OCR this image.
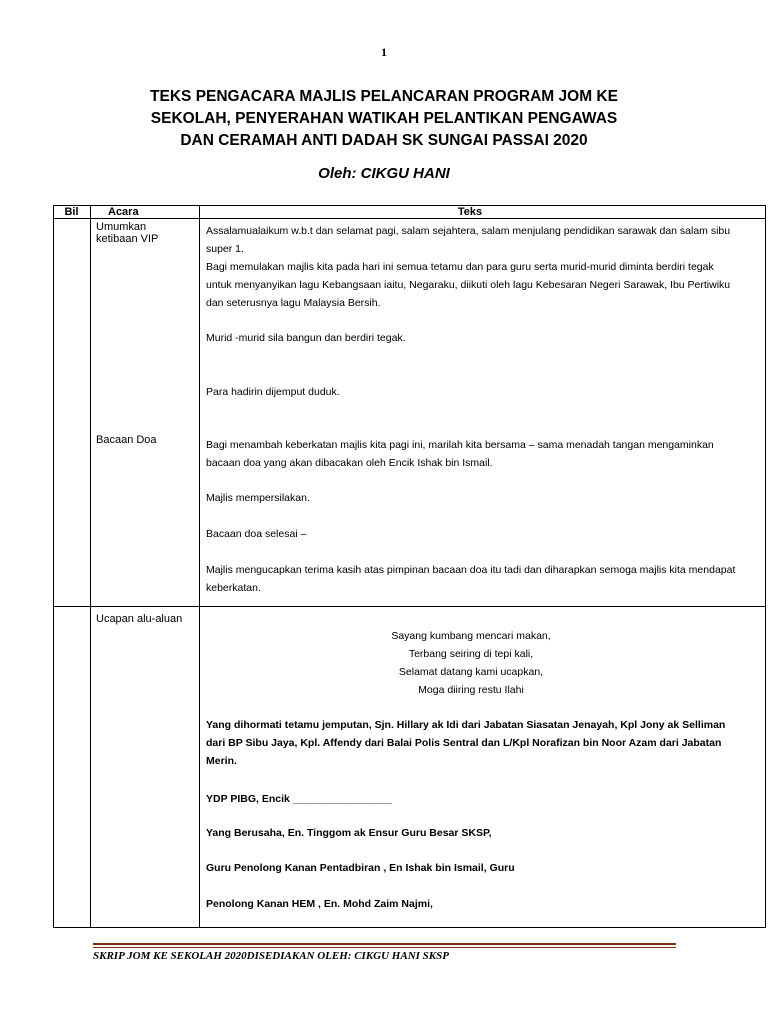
1
TEKS PENGACARA MAJLIS PELANCARAN PROGRAM JOM KE
SEKOLAH, PENYERAHAN WATIKAH PELANTIKAN PENGAWAS
DAN CERAMAH ANTI DADAH SK SUNGAI PASSAI 2020
Oleh: CIKGU HANI
Bil	Acara	Teks
Umumkan ketibaan VIP
Bacaan Doa
Assalamualaikum w.b.t dan selamat pagi, salam sejahtera, salam menjulang pendidikan sarawak dan salam sibu super 1.
Bagi memulakan majlis kita pada hari ini semua tetamu dan para guru serta murid-murid diminta berdiri tegak untuk menyanyikan lagu Kebangsaan iaitu, Negaraku, diikuti oleh lagu Kebesaran Negeri Sarawak, Ibu Pertiwiku dan seterusnya lagu Malaysia Bersih.
Murid -murid sila bangun dan berdiri tegak.
Para hadirin dijemput duduk.
Bagi menambah keberkatan majlis kita pagi ini, marilah kita bersama – sama menadah tangan mengaminkan bacaan doa yang akan dibacakan oleh Encik Ishak bin Ismail.
Majlis mempersilakan.
Bacaan doa selesai –
Majlis mengucapkan terima kasih atas pimpinan bacaan doa itu tadi dan diharapkan semoga majlis kita mendapat keberkatan.
Ucapan alu-aluan
Sayang kumbang mencari makan,
Terbang seiring di tepi kali,
Selamat datang kami ucapkan,
Moga diiring restu Ilahi
Yang dihormati tetamu jemputan, Sjn. Hillary ak Idi dari Jabatan Siasatan Jenayah, Kpl Jony ak Selliman dari BP Sibu Jaya, Kpl. Affendy dari Balai Polis Sentral dan L/Kpl Norafizan bin Noor Azam dari Jabatan Merin.
YDP PIBG, Encik _________________
Yang Berusaha, En. Tinggom ak Ensur Guru Besar SKSP,
Guru Penolong Kanan Pentadbiran , En Ishak bin Ismail, Guru
Penolong Kanan HEM , En. Mohd Zaim Najmi,
SKRIP JOM KE SEKOLAH 2020DISEDIAKAN OLEH: CIKGU HANI SKSP
